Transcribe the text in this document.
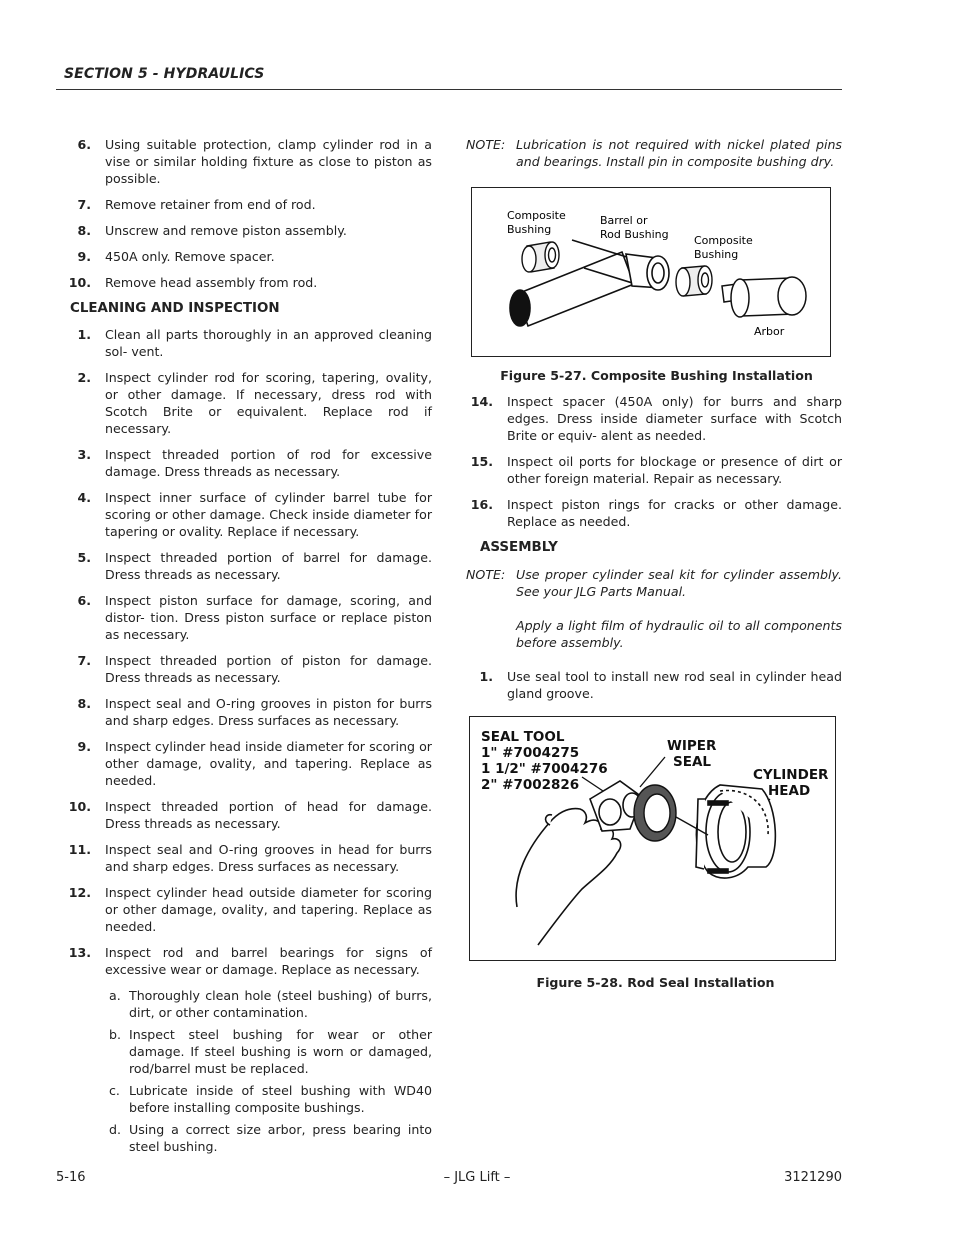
SECTION 5 - HYDRAULICS
6.	Using suitable protection, clamp cylinder rod in a vise or similar holding fixture as close to piston as possible.
7.	Remove retainer from end of rod.
8.	Unscrew and remove piston assembly.
9.	450A only. Remove spacer.
10.	Remove head assembly from rod.
CLEANING AND INSPECTION
1.	Clean all parts thoroughly in an approved cleaning sol- vent.
2.	Inspect cylinder rod for scoring, tapering, ovality, or other damage. If necessary, dress rod with Scotch Brite or equivalent. Replace rod if necessary.
3.	Inspect threaded portion of rod for excessive damage. Dress threads as necessary.
4.	Inspect inner surface of cylinder barrel tube for scoring or other damage. Check inside diameter for tapering or ovality. Replace if necessary.
5.	Inspect threaded portion of barrel for damage. Dress threads as necessary.
6.	Inspect piston surface for damage, scoring, and distor- tion. Dress piston surface or replace piston as necessary.
7.	Inspect threaded portion of piston for damage. Dress threads as necessary.
8.	Inspect seal and O-ring grooves in piston for burrs and sharp edges. Dress surfaces as necessary.
9.	Inspect cylinder head inside diameter for scoring or other damage, ovality, and tapering. Replace as needed.
10.	Inspect threaded portion of head for damage. Dress threads as necessary.
11.	Inspect seal and O-ring grooves in head for burrs and sharp edges. Dress surfaces as necessary.
12.	Inspect cylinder head outside diameter for scoring or other damage, ovality, and tapering. Replace as needed.
13.	Inspect rod and barrel bearings for signs of excessive wear or damage. Replace as necessary.
a. Thoroughly clean hole (steel bushing) of burrs, dirt, or other contamination.
b. Inspect steel bushing for wear or other damage. If steel bushing is worn or damaged, rod/barrel must be replaced.
c. Lubricate inside of steel bushing with WD40 before installing composite bushings.
d. Using a correct size arbor, press bearing into steel bushing.
NOTE: Lubrication is not required with nickel plated pins and bearings. Install pin in composite bushing dry.
Composite
Bushing
Barrel or
Rod Bushing Composite
Bushing
Arbor
Figure 5-27. Composite Bushing Installation
14.	Inspect spacer (450A only) for burrs and sharp edges. Dress inside diameter surface with Scotch Brite or equiv- alent as needed.
15.	Inspect oil ports for blockage or presence of dirt or other foreign material. Repair as necessary.
16.	Inspect piston rings for cracks or other damage. Replace as needed.
ASSEMBLY
NOTE: Use proper cylinder seal kit for cylinder assembly. See your JLG Parts Manual.
Apply a light film of hydraulic oil to all components before assembly.
1.	Use seal tool to install new rod seal in cylinder head gland groove.
SEAL TOOL
1" #7004275
1 1/2" #7004276
2" #7002826
WIPER
SEAL
CYLINDER
HEAD
Figure 5-28. Rod Seal Installation
5-16	– JLG Lift –	3121290
